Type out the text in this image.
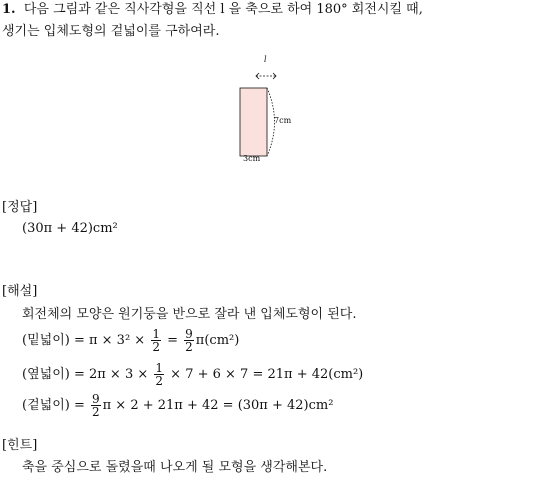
1. 다음 그림과 같은 직사각형을 직선 l 을 축으로 하여 180° 회전시킬 때,
생기는 입체도형의 겉넓이를 구하여라.
l
7cm
3cm
[정답]
(30π + 42)cm²
[해설]
회전체의 모양은 원기둥을 반으로 잘라 낸 입체도형이 된다.
(밑넓이) = $\pi \times 3^2 \times \frac{1}{2} = \frac{9}{2} \pi(cm^2)$
(옆넓이) = $2\pi \times 3 \times \frac{1}{2} \times 7 + 6 \times 7 = 21\pi + 42(cm^2)$
(겉넓이) = $\frac{9}{2}$ π × 2 + 21π + 42 = (30π + 42)cm²
[힌트]
축을 중심으로 돌렸을때 나오게 될 모형을 생각해본다.
